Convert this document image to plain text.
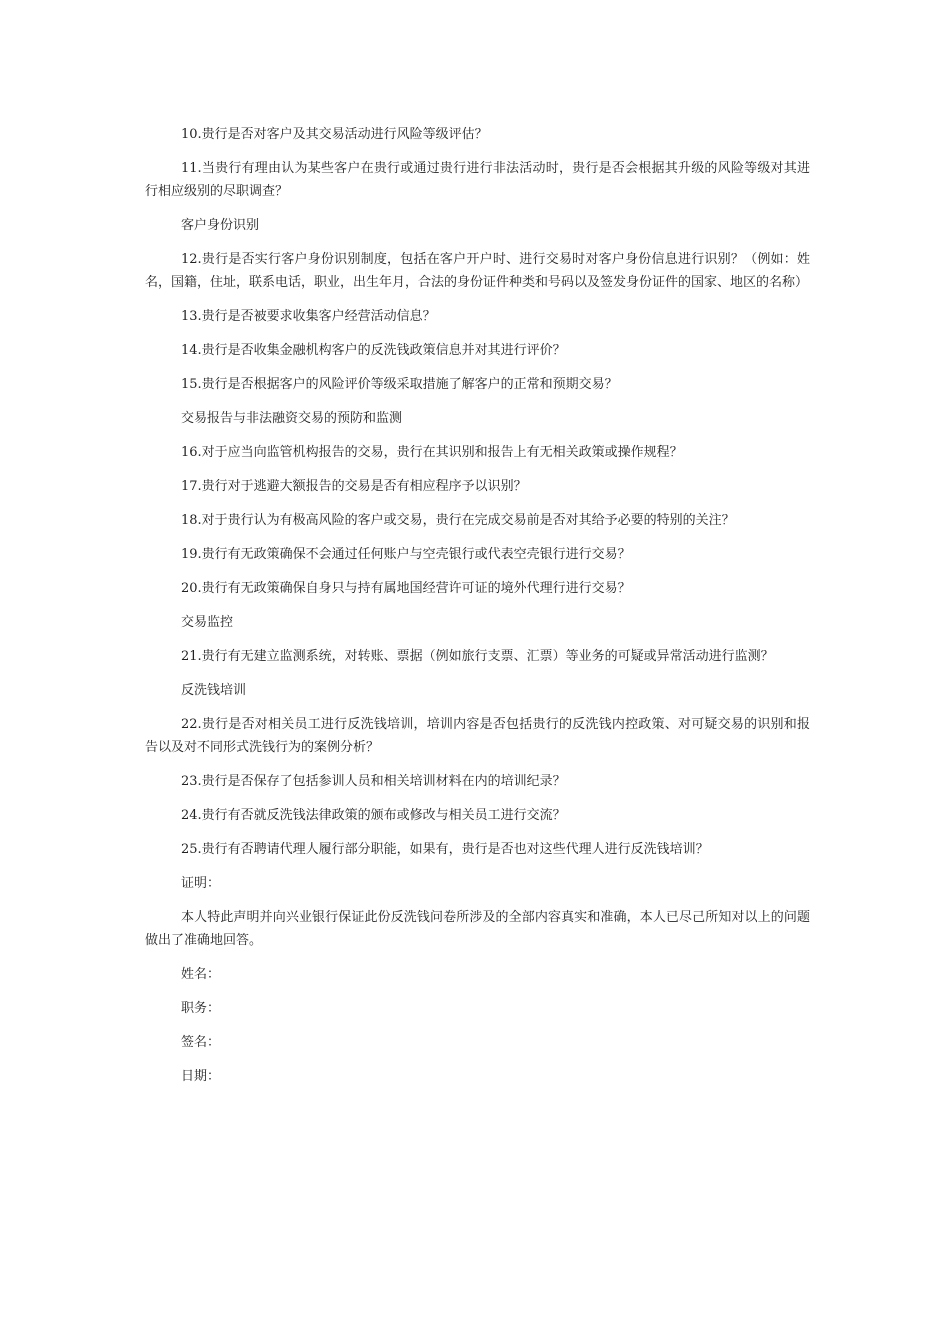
10.贵行是否对客户及其交易活动进行风险等级评估？

11.当贵行有理由认为某些客户在贵行或通过贵行进行非法活动时，贵行是否会根据其升级的风险等级对其进行相应级别的尽职调查？

客户身份识别

12.贵行是否实行客户身份识别制度，包括在客户开户时、进行交易时对客户身份信息进行识别？（例如：姓名，国籍，住址，联系电话，职业，出生年月，合法的身份证件种类和号码以及签发身份证件的国家、地区的名称）

13.贵行是否被要求收集客户经营活动信息？

14.贵行是否收集金融机构客户的反洗钱政策信息并对其进行评价？

15.贵行是否根据客户的风险评价等级采取措施了解客户的正常和预期交易？

交易报告与非法融资交易的预防和监测

16.对于应当向监管机构报告的交易，贵行在其识别和报告上有无相关政策或操作规程？

17.贵行对于逃避大额报告的交易是否有相应程序予以识别？

18.对于贵行认为有极高风险的客户或交易，贵行在完成交易前是否对其给予必要的特别的关注？

19.贵行有无政策确保不会通过任何账户与空壳银行或代表空壳银行进行交易？

20.贵行有无政策确保自身只与持有属地国经营许可证的境外代理行进行交易？

交易监控

21.贵行有无建立监测系统，对转账、票据（例如旅行支票、汇票）等业务的可疑或异常活动进行监测？

反洗钱培训

22.贵行是否对相关员工进行反洗钱培训，培训内容是否包括贵行的反洗钱内控政策、对可疑交易的识别和报告以及对不同形式洗钱行为的案例分析？

23.贵行是否保存了包括参训人员和相关培训材料在内的培训纪录？

24.贵行有否就反洗钱法律政策的颁布或修改与相关员工进行交流？

25.贵行有否聘请代理人履行部分职能，如果有，贵行是否也对这些代理人进行反洗钱培训？

证明：

本人特此声明并向兴业银行保证此份反洗钱问卷所涉及的全部内容真实和准确，本人已尽己所知对以上的问题做出了准确地回答。

姓名：

职务：

签名：

日期：
